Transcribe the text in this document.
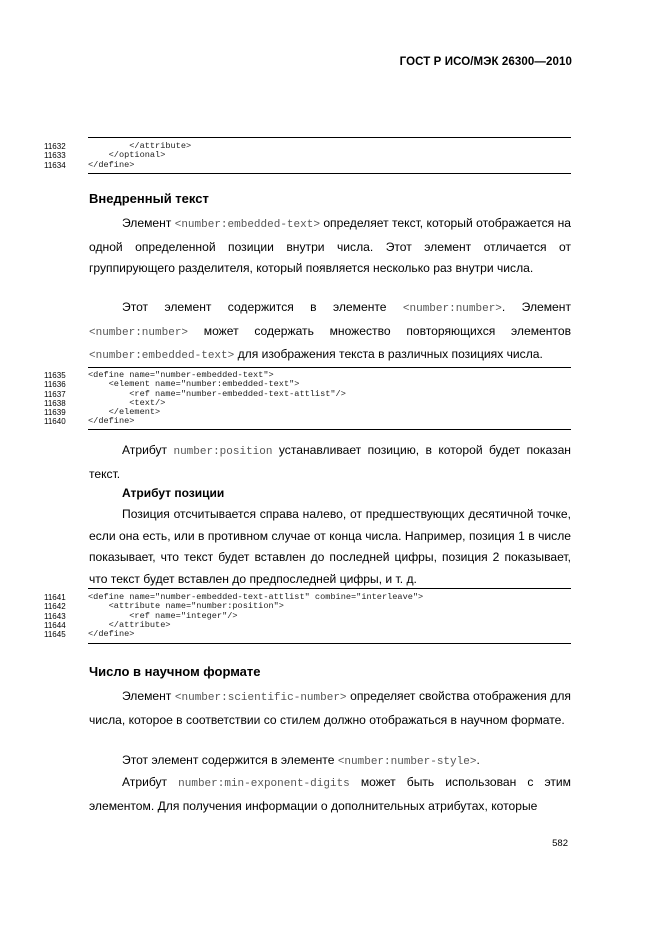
ГОСТ Р ИСО/МЭК 26300—2010
11632
11633
11634
</attribute>
</optional>
</define>
Внедренный текст
Элемент <number:embedded-text> определяет текст, который отображается на одной определенной позиции внутри числа. Этот элемент отличается от группирующего разделителя, который появляется несколько раз внутри числа.
Этот элемент содержится в элементе <number:number>. Элемент <number:number> может содержать множество повторяющихся элементов <number:embedded-text> для изображения текста в различных позициях числа.
11635
11636
11637
11638
11639
11640
<define name="number-embedded-text">
<element name="number:embedded-text">
<ref name="number-embedded-text-attlist"/>
<text/>
</element>
</define>
Атрибут number:position устанавливает позицию, в которой будет показан текст.
Атрибут позиции
Позиция отсчитывается справа налево, от предшествующих десятичной точке, если она есть, или в противном случае от конца числа. Например, позиция 1 в числе показывает, что текст будет вставлен до последней цифры, позиция 2 показывает, что текст будет вставлен до предпоследней цифры, и т. д.
11641
11642
11643
11644
11645
<define name="number-embedded-text-attlist" combine="interleave">
<attribute name="number:position">
<ref name="integer"/>
</attribute>
</define>
Число в научном формате
Элемент <number:scientific-number> определяет свойства отображения для числа, которое в соответствии со стилем должно отображаться в научном формате.
Этот элемент содержится в элементе <number:number-style>.
Атрибут number:min-exponent-digits может быть использован с этим элементом. Для получения информации о дополнительных атрибутах, которые
582
